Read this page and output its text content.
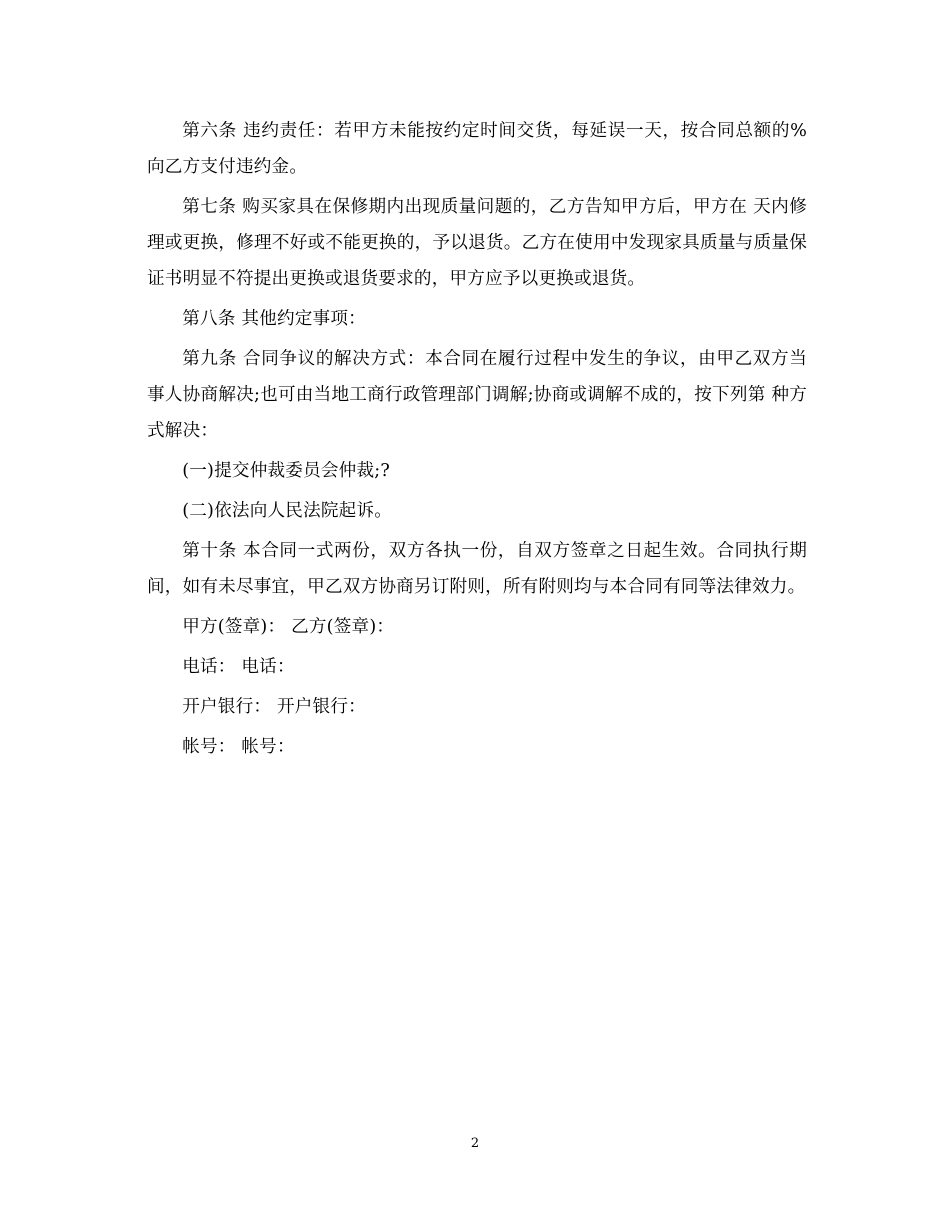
第六条 违约责任：若甲方未能按约定时间交货，每延误一天，按合同总额的%向乙方支付违约金。

第七条 购买家具在保修期内出现质量问题的，乙方告知甲方后，甲方在 天内修理或更换，修理不好或不能更换的，予以退货。乙方在使用中发现家具质量与质量保证书明显不符提出更换或退货要求的，甲方应予以更换或退货。

第八条 其他约定事项：

第九条 合同争议的解决方式：本合同在履行过程中发生的争议，由甲乙双方当事人协商解决;也可由当地工商行政管理部门调解;协商或调解不成的，按下列第 种方式解决：

(一)提交仲裁委员会仲裁;?

(二)依法向人民法院起诉。

第十条 本合同一式两份，双方各执一份，自双方签章之日起生效。合同执行期间，如有未尽事宜，甲乙双方协商另订附则，所有附则均与本合同有同等法律效力。

甲方(签章)： 乙方(签章)：

电话： 电话：

开户银行： 开户银行：

帐号： 帐号：

2
